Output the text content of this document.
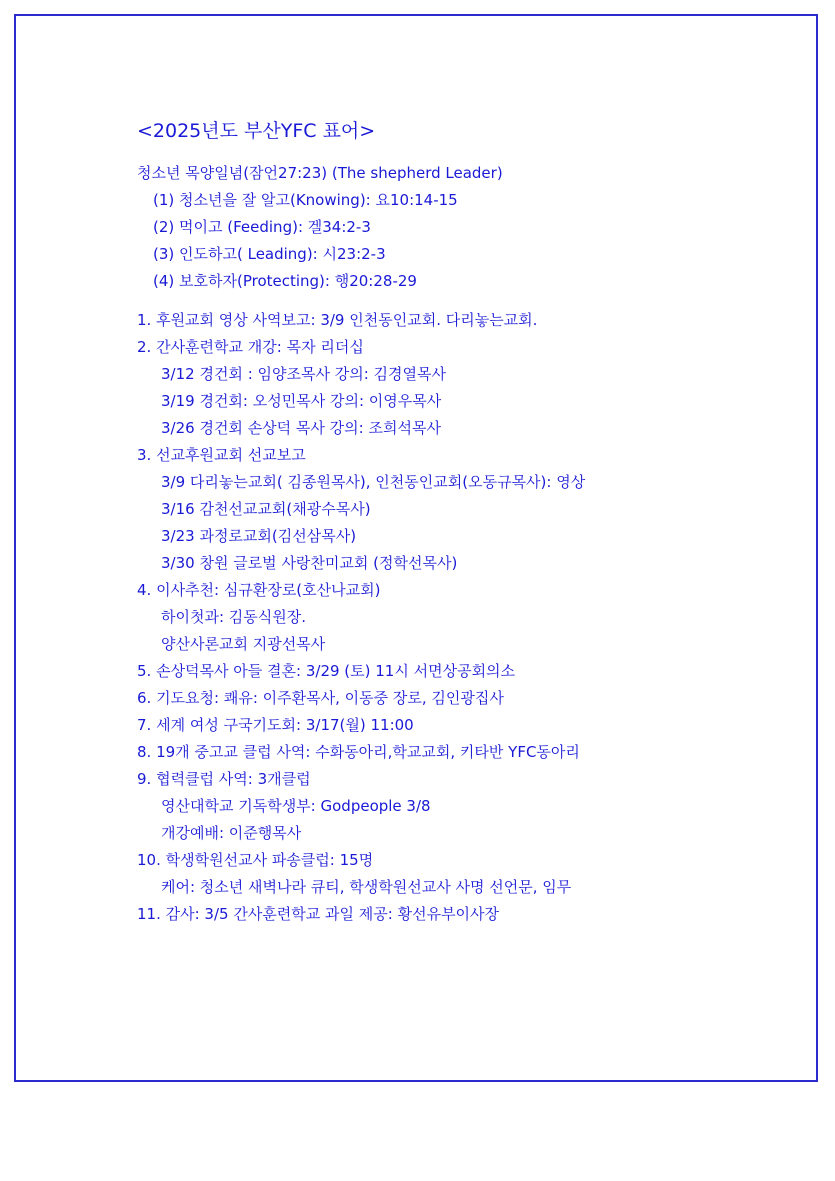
<2025년도 부산YFC 표어>
청소년 목양일념(잠언27:23) (The shepherd Leader)
(1) 청소년을 잘 알고(Knowing): 요10:14-15
(2) 먹이고 (Feeding): 겔34:2-3
(3) 인도하고( Leading): 시23:2-3
(4) 보호하자(Protecting): 행20:28-29
1. 후원교회 영상 사역보고: 3/9 인천동인교회. 다리놓는교회.
2. 간사훈련학교 개강: 목자 리더십
3/12 경건회 : 임양조목사 강의: 김경열목사
3/19 경건회: 오성민목사 강의: 이영우목사
3/26 경건회 손상덕 목사 강의: 조희석목사
3. 선교후원교회 선교보고
3/9 다리놓는교회( 김종원목사), 인천동인교회(오동규목사): 영상
3/16 감천선교교회(채광수목사)
3/23 과정로교회(김선삼목사)
3/30 창원 글로벌 사랑찬미교회 (정학선목사)
4. 이사추천: 심규환장로(호산나교회)
하이첫과: 김동식원장.
양산사론교회 지광선목사
5. 손상덕목사 아들 결혼: 3/29 (토) 11시 서면상공회의소
6. 기도요청: 쾌유: 이주환목사, 이동중 장로, 김인광집사
7. 세계 여성 구국기도회: 3/17(월) 11:00
8. 19개 중고교 클럽 사역: 수화동아리,학교교회, 키타반 YFC동아리
9. 협력클럽 사역: 3개클럽
영산대학교 기독학생부: Godpeople 3/8
개강예배: 이준행목사
10. 학생학원선교사 파송클럽: 15명
케어: 청소년 새벽나라 큐티, 학생학원선교사 사명 선언문, 임무
11. 감사: 3/5 간사훈련학교 과일 제공: 황선유부이사장
